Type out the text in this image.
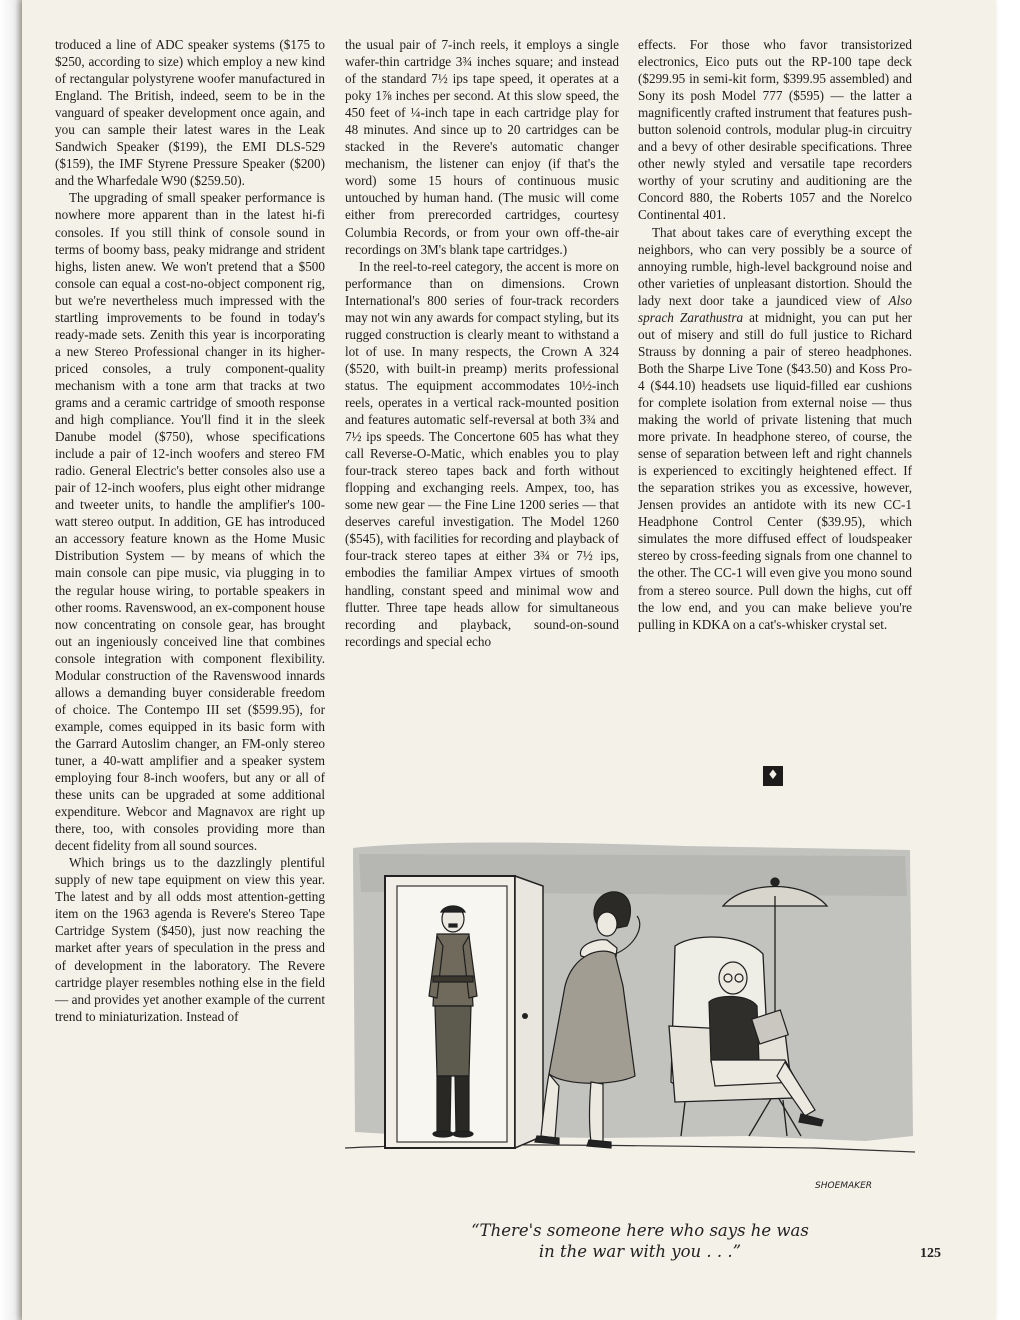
troduced a line of ADC speaker systems ($175 to $250, according to size) which employ a new kind of rectangular polystyrene woofer manufactured in England. The British, indeed, seem to be in the vanguard of speaker development once again, and you can sample their latest wares in the Leak Sandwich Speaker ($199), the EMI DLS-529 ($159), the IMF Styrene Pressure Speaker ($200) and the Wharfedale W90 ($259.50).

The upgrading of small speaker performance is nowhere more apparent than in the latest hi-fi consoles. If you still think of console sound in terms of boomy bass, peaky midrange and strident highs, listen anew. We won't pretend that a $500 console can equal a cost-no-object component rig, but we're nevertheless much impressed with the startling improvements to be found in today's ready-made sets. Zenith this year is incorporating a new Stereo Professional changer in its higher-priced consoles, a truly component-quality mechanism with a tone arm that tracks at two grams and a ceramic cartridge of smooth response and high compliance. You'll find it in the sleek Danube model ($750), whose specifications include a pair of 12-inch woofers and stereo FM radio. General Electric's better consoles also use a pair of 12-inch woofers, plus eight other midrange and tweeter units, to handle the amplifier's 100-watt stereo output. In addition, GE has introduced an accessory feature known as the Home Music Distribution System — by means of which the main console can pipe music, via plugging in to the regular house wiring, to portable speakers in other rooms. Ravenswood, an ex-component house now concentrating on console gear, has brought out an ingeniously conceived line that combines console integration with component flexibility. Modular construction of the Ravenswood innards allows a demanding buyer considerable freedom of choice. The Contempo III set ($599.95), for example, comes equipped in its basic form with the Garrard Autoslim changer, an FM-only stereo tuner, a 40-watt amplifier and a speaker system employing four 8-inch woofers, but any or all of these units can be upgraded at some additional expenditure. Webcor and Magnavox are right up there, too, with consoles providing more than decent fidelity from all sound sources.

Which brings us to the dazzlingly plentiful supply of new tape equipment on view this year. The latest and by all odds most attention-getting item on the 1963 agenda is Revere's Stereo Tape Cartridge System ($450), just now reaching the market after years of speculation in the press and of development in the laboratory. The Revere cartridge player resembles nothing else in the field — and provides yet another example of the current trend to miniaturization. Instead of

the usual pair of 7-inch reels, it employs a single wafer-thin cartridge 3¾ inches square; and instead of the standard 7½ ips tape speed, it operates at a poky 1⅞ inches per second. At this slow speed, the 450 feet of ¼-inch tape in each cartridge play for 48 minutes. And since up to 20 cartridges can be stacked in the Revere's automatic changer mechanism, the listener can enjoy (if that's the word) some 15 hours of continuous music untouched by human hand. (The music will come either from prerecorded cartridges, courtesy Columbia Records, or from your own off-the-air recordings on 3M's blank tape cartridges.)

In the reel-to-reel category, the accent is more on performance than on dimensions. Crown International's 800 series of four-track recorders may not win any awards for compact styling, but its rugged construction is clearly meant to withstand a lot of use. In many respects, the Crown A 324 ($520, with built-in preamp) merits professional status. The equipment accommodates 10½-inch reels, operates in a vertical rack-mounted position and features automatic self-reversal at both 3¾ and 7½ ips speeds. The Concertone 605 has what they call Reverse-O-Matic, which enables you to play four-track stereo tapes back and forth without flopping and exchanging reels. Ampex, too, has some new gear — the Fine Line 1200 series — that deserves careful investigation. The Model 1260 ($545), with facilities for recording and playback of four-track stereo tapes at either 3¾ or 7½ ips, embodies the familiar Ampex virtues of smooth handling, constant speed and minimal wow and flutter. Three tape heads allow for simultaneous recording and playback, sound-on-sound recordings and special echo

effects. For those who favor transistorized electronics, Eico puts out the RP-100 tape deck ($299.95 in semi-kit form, $399.95 assembled) and Sony its posh Model 777 ($595) — the latter a magnificently crafted instrument that features push-button solenoid controls, modular plug-in circuitry and a bevy of other desirable specifications. Three other newly styled and versatile tape recorders worthy of your scrutiny and auditioning are the Concord 880, the Roberts 1057 and the Norelco Continental 401.

That about takes care of everything except the neighbors, who can very possibly be a source of annoying rumble, high-level background noise and other varieties of unpleasant distortion. Should the lady next door take a jaundiced view of Also sprach Zarathustra at midnight, you can put her out of misery and still do full justice to Richard Strauss by donning a pair of stereo headphones. Both the Sharpe Live Tone ($43.50) and Koss Pro-4 ($44.10) headsets use liquid-filled ear cushions for complete isolation from external noise — thus making the world of private listening that much more private. In headphone stereo, of course, the sense of separation between left and right channels is experienced to excitingly heightened effect. If the separation strikes you as excessive, however, Jensen provides an antidote with its new CC-1 Headphone Control Center ($39.95), which simulates the more diffused effect of loudspeaker stereo by cross-feeding signals from one channel to the other. The CC-1 will even give you mono sound from a stereo source. Pull down the highs, cut off the low end, and you can make believe you're pulling in KDKA on a cat's-whisker crystal set.

♦
SHOEMAKER
“There's someone here who says he was
in the war with you . . .”	125
